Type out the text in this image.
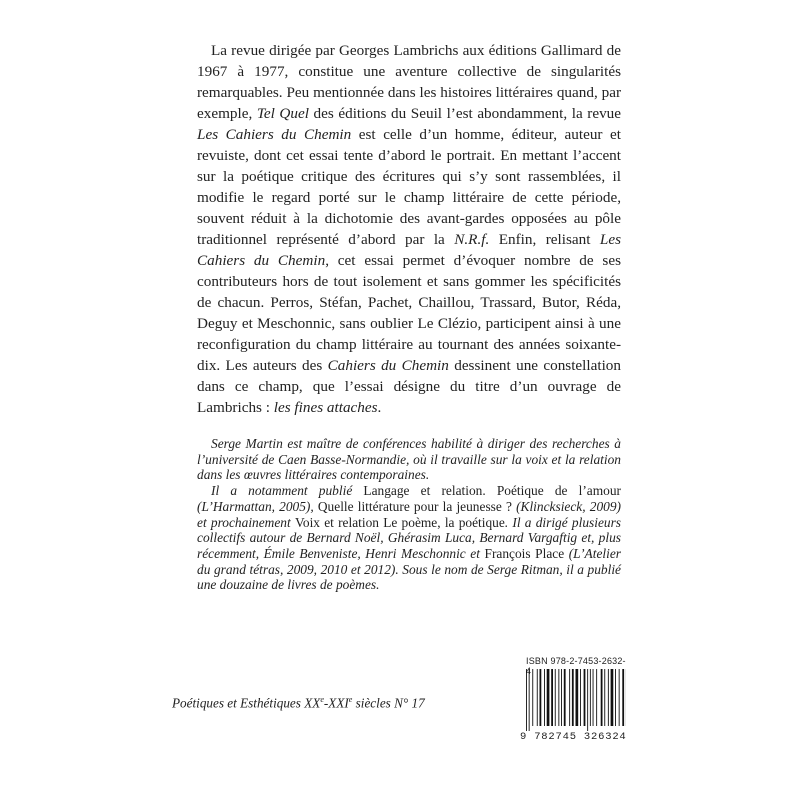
La revue dirigée par Georges Lambrichs aux éditions Gallimard de 1967 à 1977, constitue une aventure collective de singularités remarquables. Peu mentionnée dans les histoires littéraires quand, par exemple, Tel Quel des éditions du Seuil l’est abondamment, la revue Les Cahiers du Chemin est celle d’un homme, éditeur, auteur et revuiste, dont cet essai tente d’abord le portrait. En mettant l’accent sur la poétique critique des écritures qui s’y sont rassemblées, il modifie le regard porté sur le champ littéraire de cette période, souvent réduit à la dichotomie des avant-gardes opposées au pôle traditionnel représenté d’abord par la N.R.f. Enfin, relisant Les Cahiers du Chemin, cet essai permet d’évoquer nombre de ses contributeurs hors de tout isolement et sans gommer les spécificités de chacun. Perros, Stéfan, Pachet, Chaillou, Trassard, Butor, Réda, Deguy et Meschonnic, sans oublier Le Clézio, participent ainsi à une reconfiguration du champ littéraire au tournant des années soixante-dix. Les auteurs des Cahiers du Chemin dessinent une constellation dans ce champ, que l’essai désigne du titre d’un ouvrage de Lambrichs : les fines attaches.

Serge Martin est maître de conférences habilité à diriger des recherches à l’université de Caen Basse-Normandie, où il travaille sur la voix et la relation dans les œuvres littéraires contemporaines.

Il a notamment publié Langage et relation. Poétique de l’amour (L’Harmattan, 2005), Quelle littérature pour la jeunesse ? (Klincksieck, 2009) et prochainement Voix et relation Le poème, la poétique. Il a dirigé plusieurs collectifs autour de Bernard Noël, Ghérasim Luca, Bernard Vargaftig et, plus récemment, Émile Benveniste, Henri Meschonnic et François Place (L’Atelier du grand tétras, 2009, 2010 et 2012). Sous le nom de Serge Ritman, il a publié une douzaine de livres de poèmes.

Poétiques et Esthétiques XXe-XXIe siècles N° 17
ISBN 978-2-7453-2632-4
9 782745 326324
